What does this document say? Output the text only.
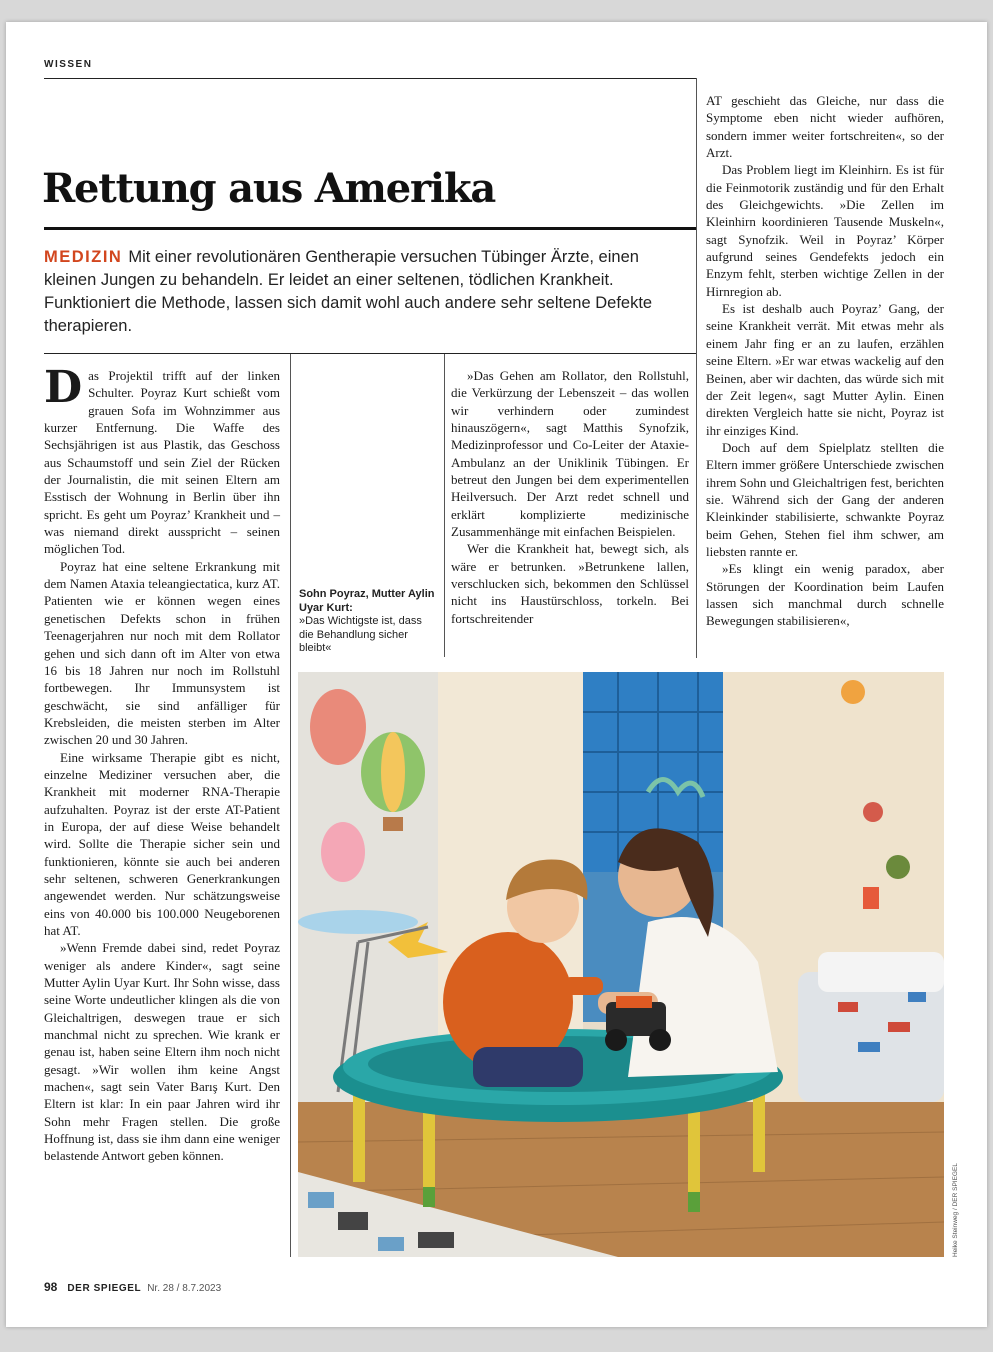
WISSEN
Rettung aus Amerika
MEDIZIN Mit einer revolutionären Gentherapie versuchen Tübinger Ärzte, einen kleinen Jungen zu behandeln. Er leidet an einer seltenen, tödlichen Krankheit. Funktioniert die Methode, lassen sich damit wohl auch andere sehr seltene Defekte therapieren.

Das Projektil trifft auf der linken Schulter. Poyraz Kurt schießt vom grauen Sofa im Wohnzimmer aus kurzer Entfernung. Die Waffe des Sechsjährigen ist aus Plastik, das Geschoss aus Schaumstoff und sein Ziel der Rücken der Journalistin, die mit seinen Eltern am Esstisch der Wohnung in Berlin über ihn spricht. Es geht um Poyraz’ Krankheit und – was niemand direkt ausspricht – seinen möglichen Tod.

Poyraz hat eine seltene Erkrankung mit dem Namen Ataxia teleangiectatica, kurz AT. Patienten wie er können wegen eines genetischen Defekts schon in frühen Teenagerjahren nur noch mit dem Rollator gehen und sich dann oft im Alter von etwa 16 bis 18 Jahren nur noch im Rollstuhl fortbewegen. Ihr Immunsystem ist geschwächt, sie sind anfälliger für Krebsleiden, die meisten sterben im Alter zwischen 20 und 30 Jahren.

Eine wirksame Therapie gibt es nicht, einzelne Mediziner versuchen aber, die Krankheit mit moderner RNA-Therapie aufzuhalten. Poyraz ist der erste AT-Patient in Europa, der auf diese Weise behandelt wird. Sollte die Therapie sicher sein und funktionieren, könnte sie auch bei anderen sehr seltenen, schweren Generkrankungen angewendet werden. Nur schätzungsweise eins von 40.000 bis 100.000 Neugeborenen hat AT.

»Wenn Fremde dabei sind, redet Poyraz weniger als andere Kinder«, sagt seine Mutter Aylin Uyar Kurt. Ihr Sohn wisse, dass seine Worte undeutlicher klingen als die von Gleichaltrigen, deswegen traue er sich manchmal nicht zu sprechen. Wie krank er genau ist, haben seine Eltern ihm noch nicht gesagt. »Wir wollen ihm keine Angst machen«, sagt sein Vater Barış Kurt. Den Eltern ist klar: In ein paar Jahren wird ihr Sohn mehr Fragen stellen. Die große Hoffnung ist, dass sie ihm dann eine weniger belastende Antwort geben können.

Sohn Poyraz, Mutter Aylin Uyar Kurt:
»Das Wichtigste ist, dass die Behandlung sicher bleibt«

»Das Gehen am Rollator, den Rollstuhl, die Verkürzung der Lebenszeit – das wollen wir verhindern oder zumindest hinauszögern«, sagt Matthis Synofzik, Medizinprofessor und Co-Leiter der Ataxie-Ambulanz an der Uniklinik Tübingen. Er betreut den Jungen bei dem experimentellen Heilversuch. Der Arzt redet schnell und erklärt komplizierte medizinische Zusammenhänge mit einfachen Beispielen.

Wer die Krankheit hat, bewegt sich, als wäre er betrunken. »Betrunkene lallen, verschlucken sich, bekommen den Schlüssel nicht ins Haustürschloss, torkeln. Bei fortschreitender

AT geschieht das Gleiche, nur dass die Symptome eben nicht wieder aufhören, sondern immer weiter fortschreiten«, so der Arzt.

Das Problem liegt im Kleinhirn. Es ist für die Feinmotorik zuständig und für den Erhalt des Gleichgewichts. »Die Zellen im Kleinhirn koordinieren Tausende Muskeln«, sagt Synofzik. Weil in Poyraz’ Körper aufgrund seines Gendefekts jedoch ein Enzym fehlt, sterben wichtige Zellen in der Hirnregion ab.

Es ist deshalb auch Poyraz’ Gang, der seine Krankheit verrät. Mit etwas mehr als einem Jahr fing er an zu laufen, erzählen seine Eltern. »Er war etwas wackelig auf den Beinen, aber wir dachten, das würde sich mit der Zeit legen«, sagt Mutter Aylin. Einen direkten Vergleich hatte sie nicht, Poyraz ist ihr einziges Kind.

Doch auf dem Spielplatz stellten die Eltern immer größere Unterschiede zwischen ihrem Sohn und Gleichaltrigen fest, berichten sie. Während sich der Gang der anderen Kleinkinder stabilisierte, schwankte Poyraz beim Gehen, Stehen fiel ihm schwer, am liebsten rannte er.

»Es klingt ein wenig paradox, aber Störungen der Koordination beim Laufen lassen sich manchmal durch schnelle Bewegungen stabilisieren«,

Heike Steinweg / DER SPIEGEL
98 DER SPIEGEL Nr. 28 / 8.7.2023
